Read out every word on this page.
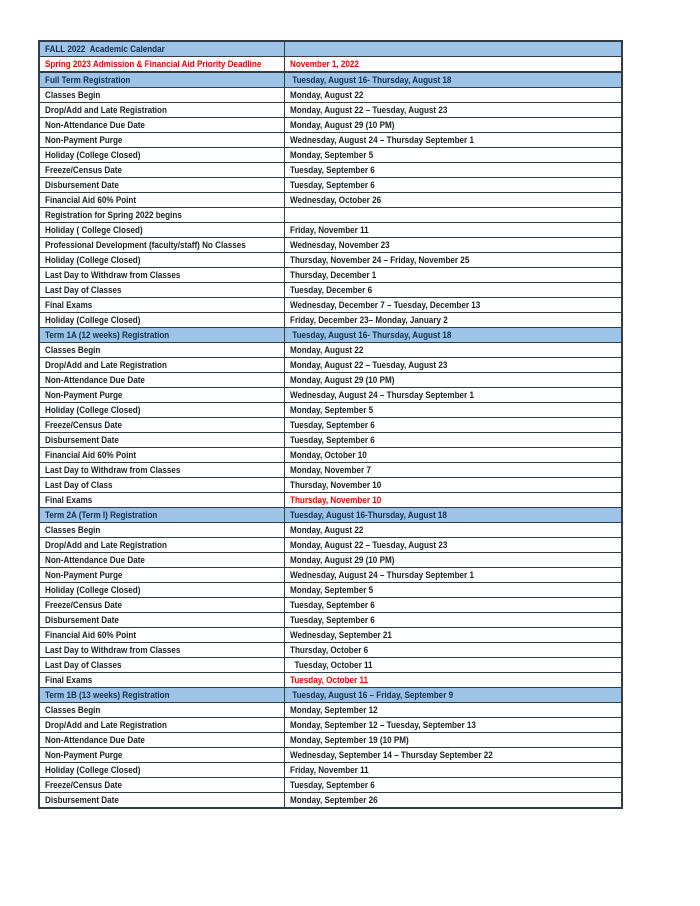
FALL 2022  Academic Calendar	
Spring 2023 Admission & Financial Aid Priority Deadline	November 1, 2022
Full Term Registration	Tuesday, August 16- Thursday, August 18
Classes Begin	Monday, August 22
Drop/Add and Late Registration	Monday, August 22 – Tuesday, August 23
Non-Attendance Due Date	Monday, August 29 (10 PM)
Non-Payment Purge	Wednesday, August 24 – Thursday September 1
Holiday (College Closed)	Monday, September 5
Freeze/Census Date	Tuesday, September 6
Disbursement Date	Tuesday, September 6
Financial Aid 60% Point	Wednesday, October 26
Registration for Spring 2022 begins	
Holiday ( College Closed)	Friday, November 11
Professional Development (faculty/staff) No Classes	Wednesday, November 23
Holiday (College Closed)	Thursday, November 24 – Friday, November 25
Last Day to Withdraw from Classes	Thursday, December 1
Last Day of Classes	Tuesday, December 6
Final Exams	Wednesday, December 7 – Tuesday, December 13
Holiday (College Closed)	Friday, December 23– Monday, January 2
Term 1A (12 weeks) Registration	Tuesday, August 16- Thursday, August 18
Classes Begin	Monday, August 22
Drop/Add and Late Registration	Monday, August 22 – Tuesday, August 23
Non-Attendance Due Date	Monday, August 29 (10 PM)
Non-Payment Purge	Wednesday, August 24 – Thursday September 1
Holiday (College Closed)	Monday, September 5
Freeze/Census Date	Tuesday, September 6
Disbursement Date	Tuesday, September 6
Financial Aid 60% Point	Monday, October 10
Last Day to Withdraw from Classes	Monday, November 7
Last Day of Class	Thursday, November 10
Final Exams	Thursday, November 10
Term 2A (Term I) Registration	Tuesday, August 16-Thursday, August 18
Classes Begin	Monday, August 22
Drop/Add and Late Registration	Monday, August 22 – Tuesday, August 23
Non-Attendance Due Date	Monday, August 29 (10 PM)
Non-Payment Purge	Wednesday, August 24 – Thursday September 1
Holiday (College Closed)	Monday, September 5
Freeze/Census Date	Tuesday, September 6
Disbursement Date	Tuesday, September 6
Financial Aid 60% Point	Wednesday, September 21
Last Day to Withdraw from Classes	Thursday, October 6
Last Day of Classes	Tuesday, October 11
Final Exams	Tuesday, October 11
Term 1B (13 weeks) Registration	Tuesday, August 16 – Friday, September 9
Classes Begin	Monday, September 12
Drop/Add and Late Registration	Monday, September 12 – Tuesday, September 13
Non-Attendance Due Date	Monday, September 19 (10 PM)
Non-Payment Purge	Wednesday, September 14 – Thursday September 22
Holiday (College Closed)	Friday, November 11
Freeze/Census Date	Tuesday, September 6
Disbursement Date	Monday, September 26
